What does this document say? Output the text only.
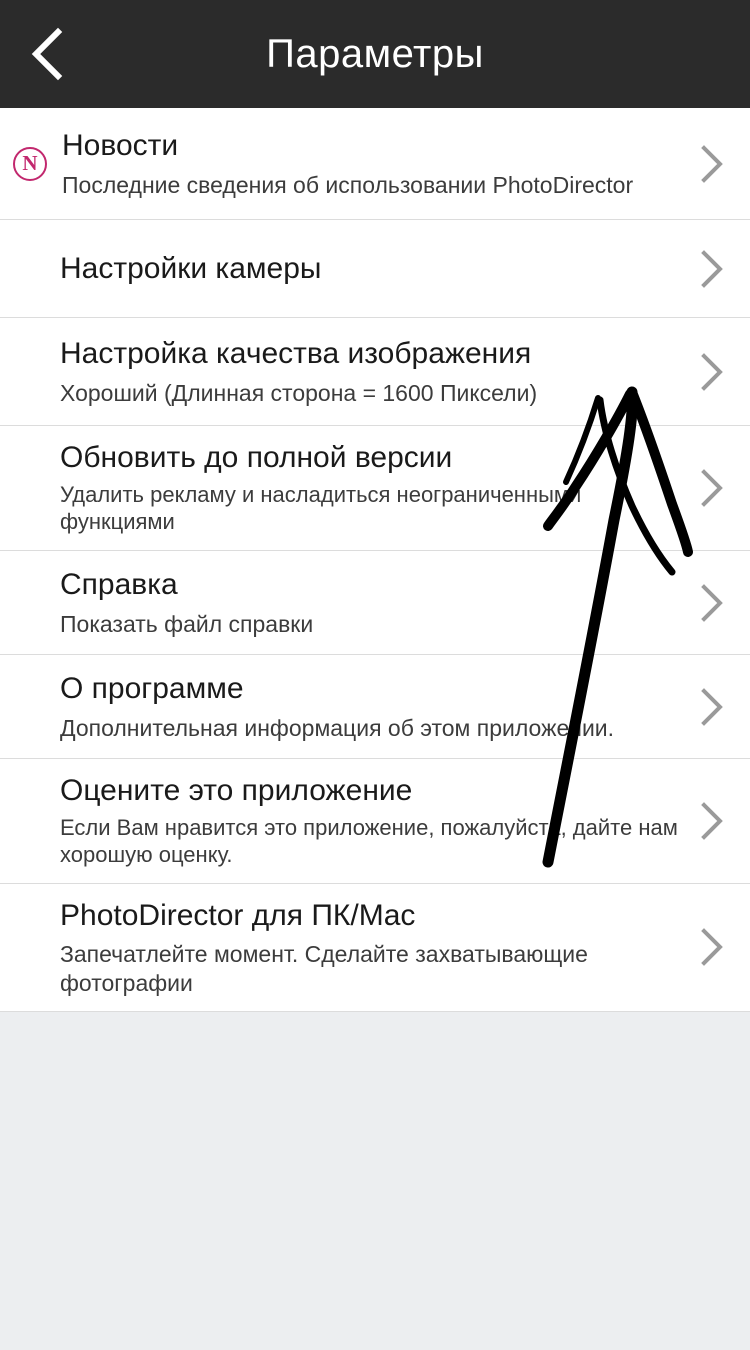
Параметры
N
Новости
Последние сведения об использовании PhotoDirector
Настройки камеры
Настройка качества изображения
Хороший (Длинная сторона = 1600 Пиксели)
Обновить до полной версии
Удалить рекламу и насладиться неограниченными функциями
Справка
Показать файл справки
О программе
Дополнительная информация об этом приложении.
Оцените это приложение
Если Вам нравится это приложение, пожалуйста, дайте нам хорошую оценку.
PhotoDirector для ПК/Mac
Запечатлейте момент. Сделайте захватывающие фотографии
